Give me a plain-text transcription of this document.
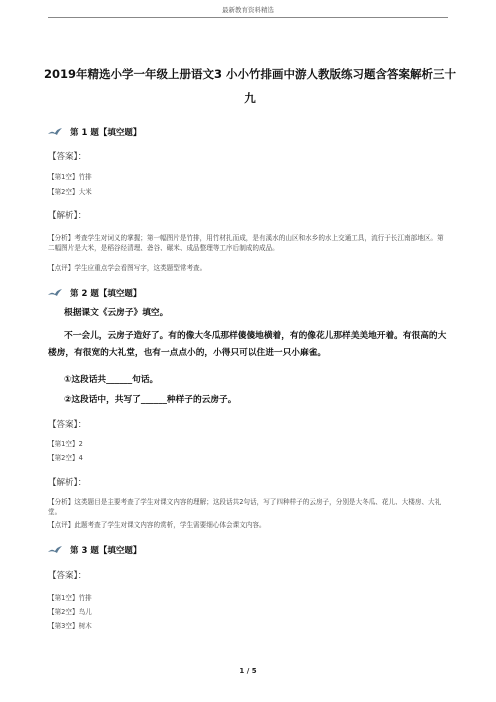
最新教育资料精选
2019年精选小学一年级上册语文3 小小竹排画中游人教版练习题含答案解析三十九
第 1 题【填空题】
【答案】：
【第1空】竹排
【第2空】大米
【解析】：
【分析】考查学生对词义的掌握；第一幅图片是竹排，用竹材扎而成，是有溪水的山区和水乡的水上交通工具，流行于长江南部地区。第二幅图片是大米，是稻谷经清理、砻谷、碾米、成品整理等工序后制成的成品。
【点评】学生应重点学会看图写字，这类题型常考查。
第 2 题【填空题】
根据课文《云房子》填空。
不一会儿，云房子造好了。有的像大冬瓜那样傻傻地横着，有的像花儿那样美美地开着。有很高的大楼房，有很宽的大礼堂，也有一点点小的，小得只可以住进一只小麻雀。
①这段话共______句话。
②这段话中，共写了______种样子的云房子。
【答案】：
【第1空】2
【第2空】4
【解析】：
【分析】这类题目是主要考查了学生对课文内容的理解；这段话共2句话，写了四种样子的云房子，分别是大冬瓜、花儿、大楼房、大礼堂。
【点评】此题考查了学生对课文内容的赏析，学生需要细心体会课文内容。
第 3 题【填空题】
【答案】：
【第1空】竹排
【第2空】鸟儿
【第3空】树木
1 / 5
